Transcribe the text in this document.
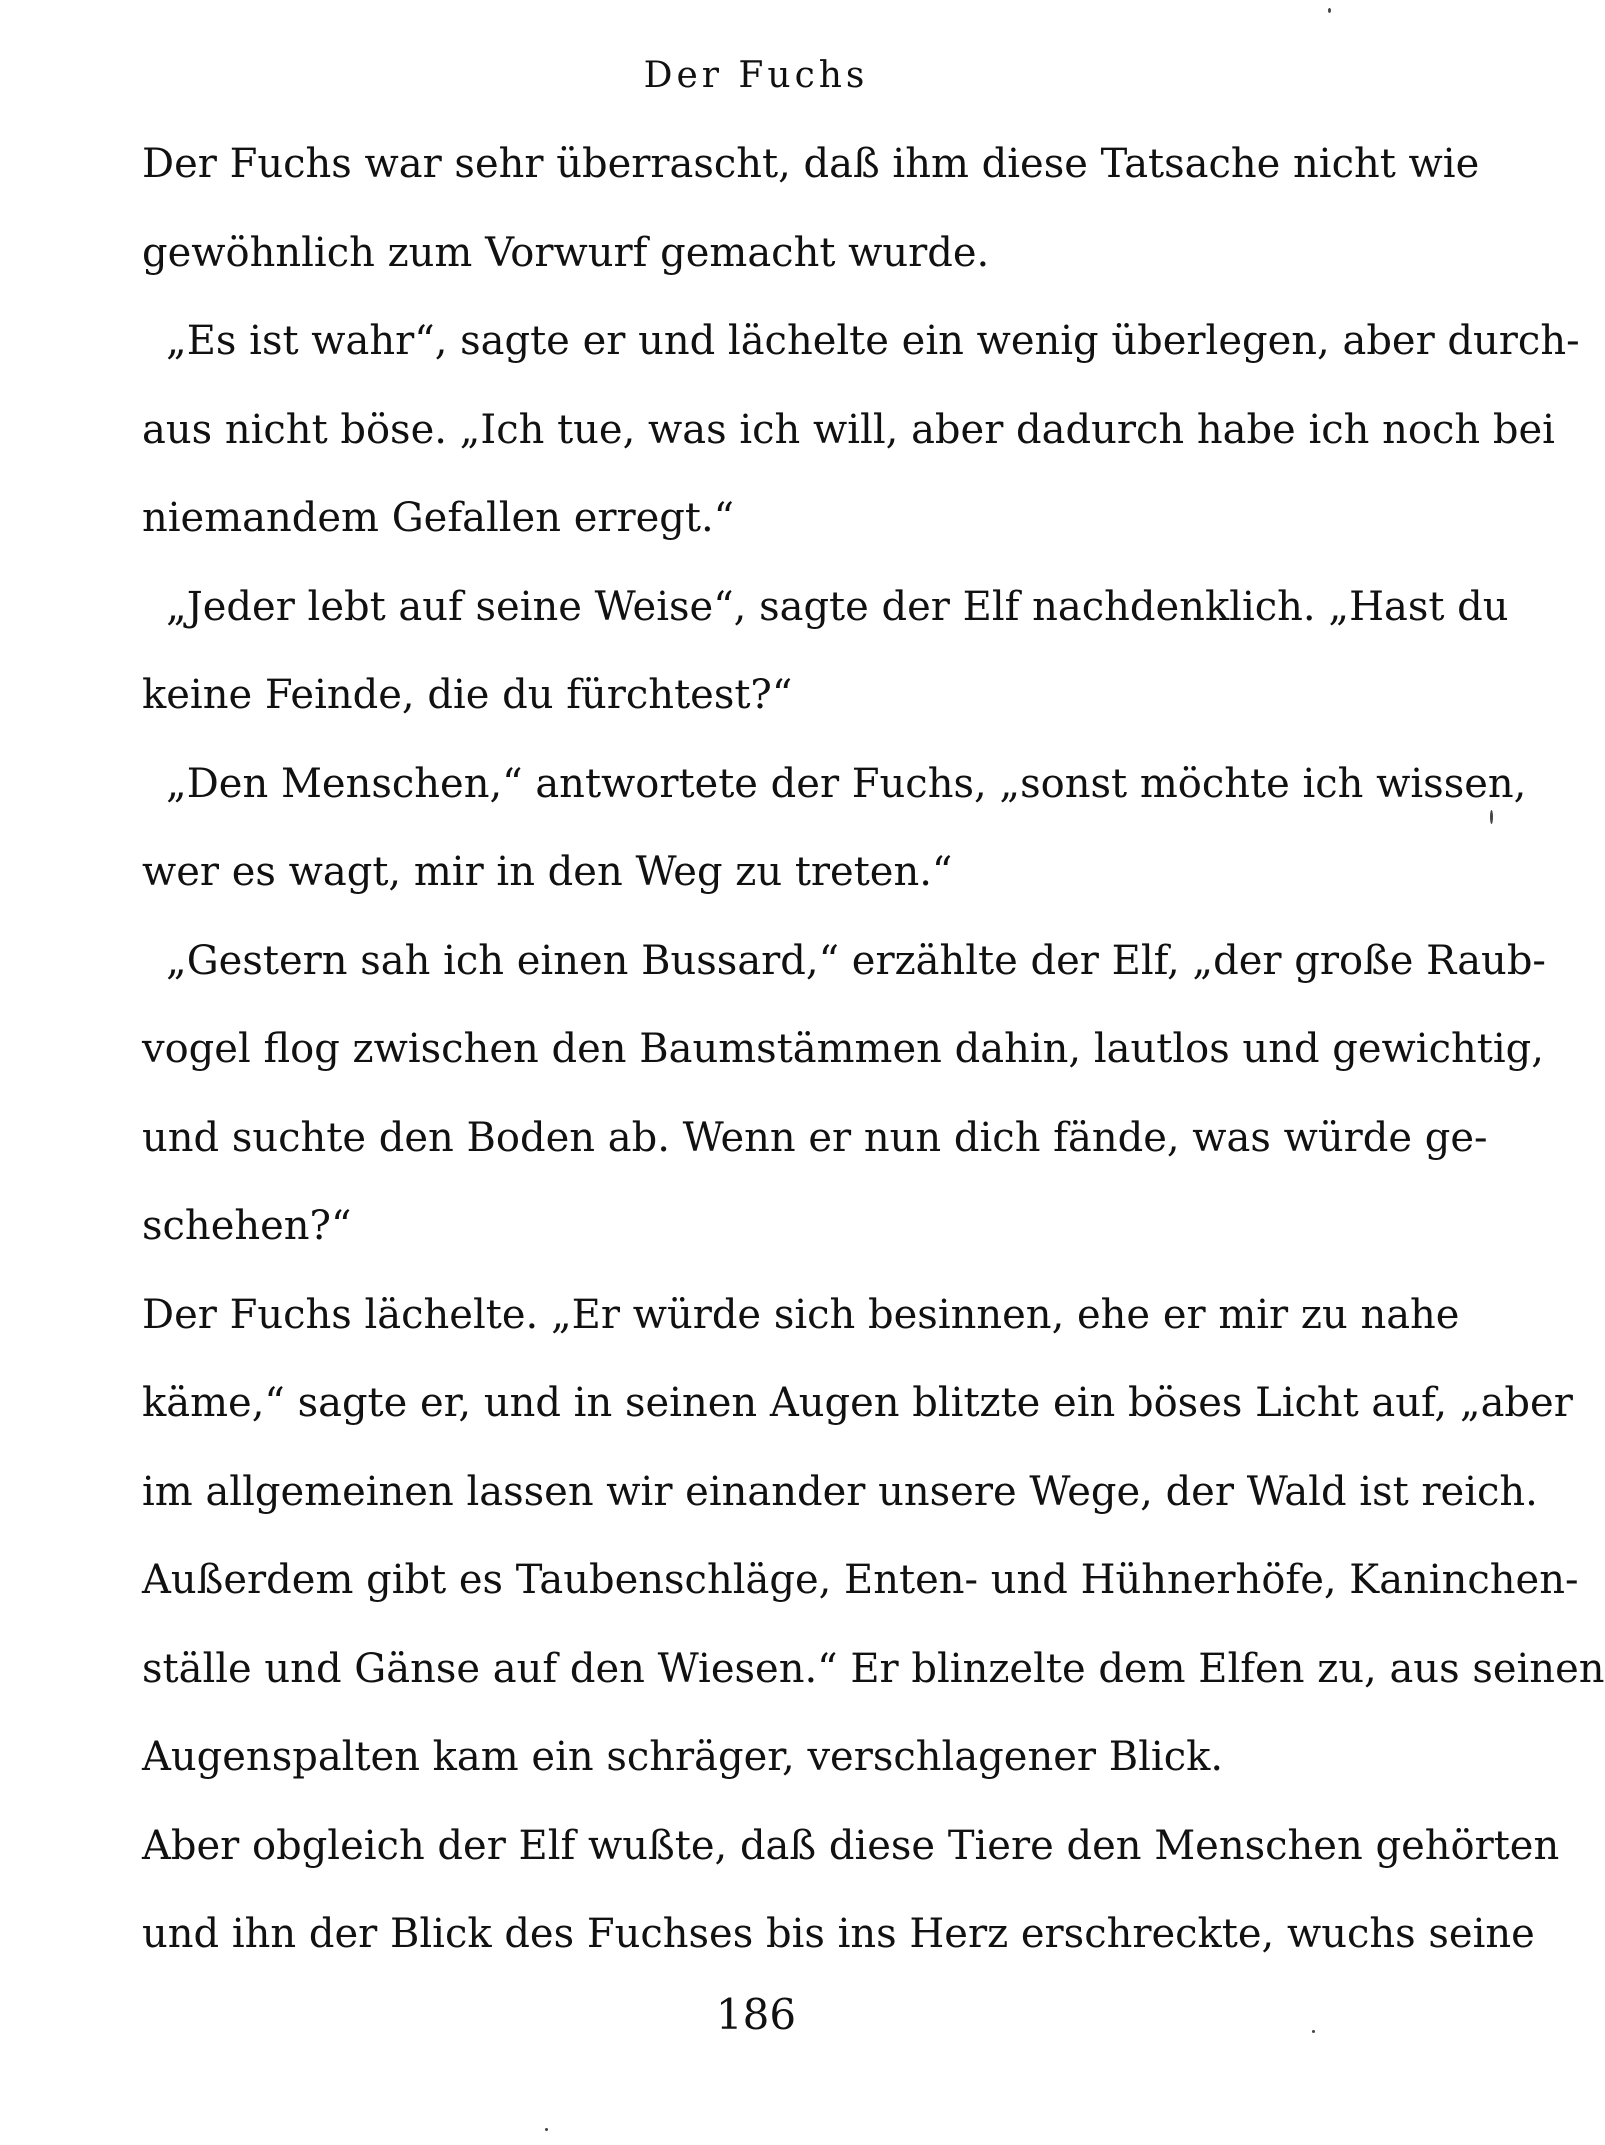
Der Fuchs
Der Fuchs war sehr überrascht, daß ihm diese Tatsache nicht wie
gewöhnlich zum Vorwurf gemacht wurde.
„Es ist wahr“, sagte er und lächelte ein wenig überlegen, aber durch-
aus nicht böse. „Ich tue, was ich will, aber dadurch habe ich noch bei
niemandem Gefallen erregt.“
„Jeder lebt auf seine Weise“, sagte der Elf nachdenklich. „Hast du
keine Feinde, die du fürchtest?“
„Den Menschen,“ antwortete der Fuchs, „sonst möchte ich wissen,
wer es wagt, mir in den Weg zu treten.“
„Gestern sah ich einen Bussard,“ erzählte der Elf, „der große Raub-
vogel flog zwischen den Baumstämmen dahin, lautlos und gewichtig,
und suchte den Boden ab. Wenn er nun dich fände, was würde ge-
schehen?“
Der Fuchs lächelte. „Er würde sich besinnen, ehe er mir zu nahe
käme,“ sagte er, und in seinen Augen blitzte ein böses Licht auf, „aber
im allgemeinen lassen wir einander unsere Wege, der Wald ist reich.
Außerdem gibt es Taubenschläge, Enten- und Hühnerhöfe, Kaninchen-
ställe und Gänse auf den Wiesen.“ Er blinzelte dem Elfen zu, aus seinen
Augenspalten kam ein schräger, verschlagener Blick.
Aber obgleich der Elf wußte, daß diese Tiere den Menschen gehörten
und ihn der Blick des Fuchses bis ins Herz erschreckte, wuchs seine
186
